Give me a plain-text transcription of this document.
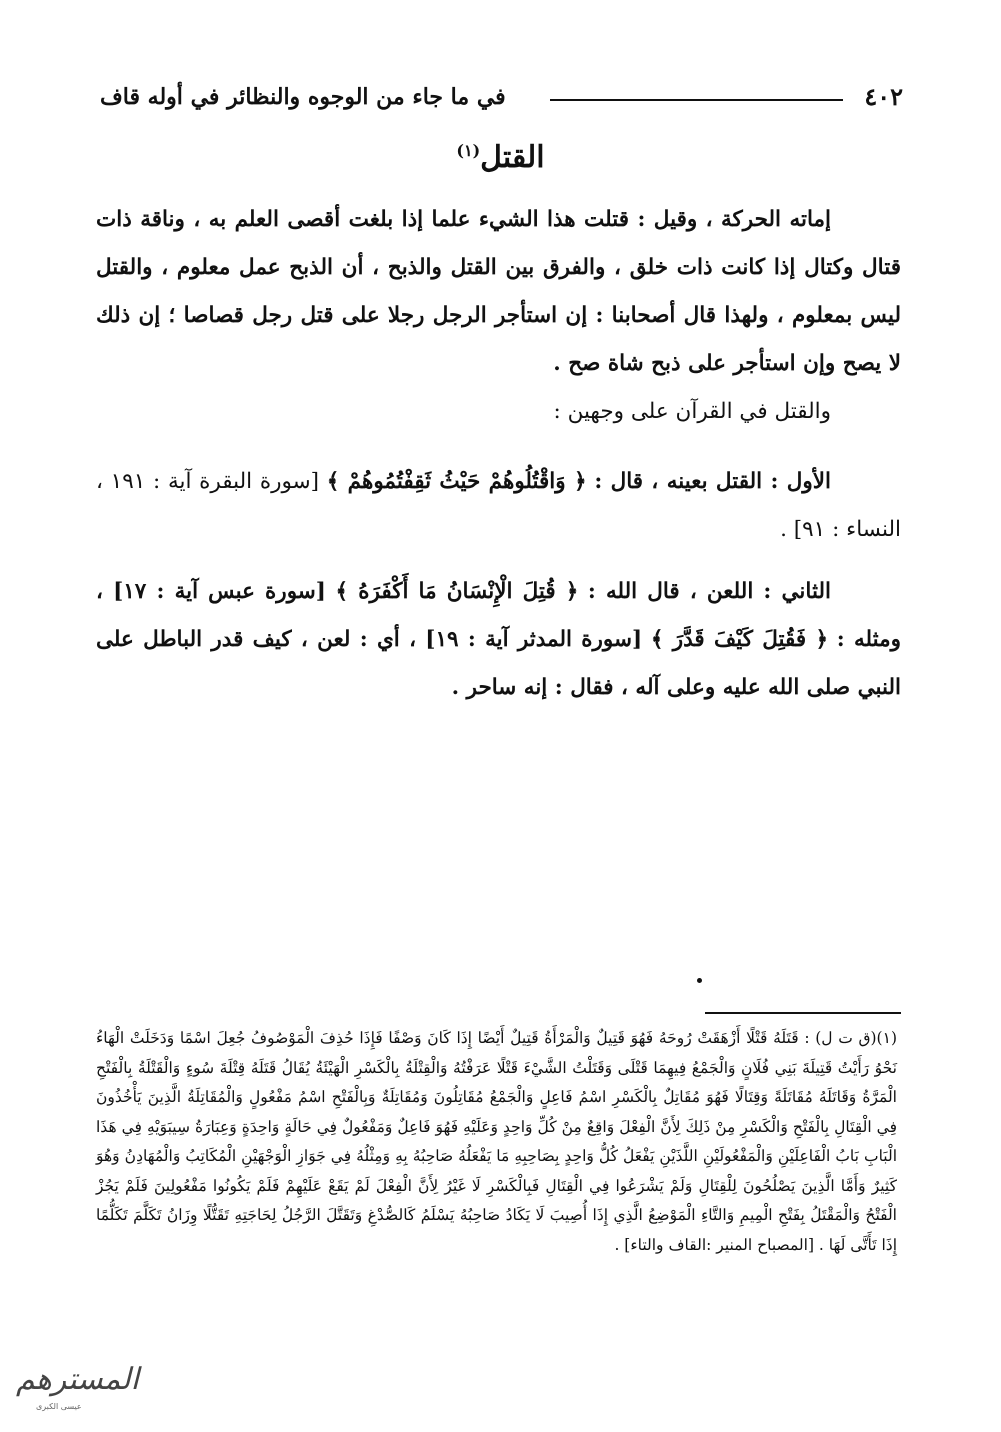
٤٠٢
في ما جاء من الوجوه والنظائر في أوله قاف
القتل$^{(١)}$

إماته الحركة ، وقيل : قتلت هذا الشيء علما إذا بلغت أقصى العلم به ، وناقة ذات قتال وكتال إذا كانت ذات خلق ، والفرق بين القتل والذبح ، أن الذبح عمل معلوم ، والقتل ليس بمعلوم ، ولهذا قال أصحابنا : إن استأجر الرجل رجلا على قتل رجل قصاصا ؛ إن ذلك لا يصح وإن استأجر على ذبح شاة صح .

والقتل في القرآن على وجهين :

الأول : القتل بعينه ، قال : ﴿ وَاقْتُلُوهُمْ حَيْثُ ثَقِفْتُمُوهُمْ ﴾ [سورة البقرة آية : ١٩١ ، النساء : ٩١] .

الثاني : اللعن ، قال الله : ﴿ قُتِلَ الْإِنْسَانُ مَا أَكْفَرَهُ ﴾ [سورة عبس آية : ١٧] ، ومثله : ﴿ فَقُتِلَ كَيْفَ قَدَّرَ ﴾ [سورة المدثر آية : ١٩] ، أي : لعن ، كيف قدر الباطل على النبي صلى الله عليه وعلى آله ، فقال : إنه ساحر .

(١)(ق ت ل) : قَتَلَهُ قَتْلًا أَزْهَقَتْ رُوحَهُ فَهُوَ قَتِيلٌ وَالْمَرْأَةُ قَتِيلٌ أَيْضًا إِذَا كَانَ وَصْفًا فَإِذَا حُذِفَ الْمَوْصُوفُ جُعِلَ اسْمًا وَدَخَلَتْ الْهَاءُ نَحْوُ رَأَيْتُ قَتِيلَةَ بَنِي فُلَانٍ وَالْجَمْعُ فِيهِمَا قَتْلَى وَقَتَلْتُ الشَّيْءَ قَتْلًا عَرَفْتُهُ وَالْقِتْلَةُ بِالْكَسْرِ الْهَيْئَةُ يُقَالُ قَتَلَهُ قِتْلَةَ سُوءٍ وَالْقَتْلَةُ بِالْفَتْحِ الْمَرَّةُ وَقَاتَلَهُ مُقَاتَلَةً وَقِتَالًا فَهُوَ مُقَاتِلٌ بِالْكَسْرِ اسْمُ فَاعِلٍ وَالْجَمْعُ مُقَاتِلُونَ وَمُقَاتِلَةٌ وَبِالْفَتْحِ اسْمُ مَفْعُولٍ وَالْمُقَاتِلَةُ الَّذِينَ يَأْخُذُونَ فِي الْقِتَالِ بِالْفَتْحِ وَالْكَسْرِ مِنْ ذَلِكَ لِأَنَّ الْفِعْلَ وَاقِعٌ مِنْ كُلِّ وَاحِدٍ وَعَلَيْهِ فَهُوَ فَاعِلٌ وَمَفْعُولٌ فِي حَالَةٍ وَاحِدَةٍ وَعِبَارَةُ سِيبَوَيْهِ فِي هَذَا الْبَابِ بَابُ الْفَاعِلَيْنِ وَالْمَفْعُولَيْنِ اللَّذَيْنِ يَفْعَلُ كُلُّ وَاحِدٍ بِصَاحِبِهِ مَا يَفْعَلُهُ صَاحِبُهُ بِهِ وَمِثْلُهُ فِي جَوَازِ الْوَجْهَيْنِ الْمُكَاتِبُ وَالْمُهَادِنُ وَهُوَ كَثِيرٌ وَأَمَّا الَّذِينَ يَصْلُحُونَ لِلْقِتَالِ وَلَمْ يَشْرَعُوا فِي الْقِتَالِ فَبِالْكَسْرِ لَا غَيْرُ لِأَنَّ الْفِعْلَ لَمْ يَقَعْ عَلَيْهِمْ فَلَمْ يَكُونُوا مَفْعُولِينَ فَلَمْ يَجُزْ الْفَتْحُ وَالْمَقْتَلُ بِفَتْحِ الْمِيمِ وَالتَّاءِ الْمَوْضِعُ الَّذِي إِذَا أُصِيبَ لَا يَكَادُ صَاحِبُهُ يَسْلَمُ كَالصُّدْغِ وَتَقَتَّلَ الرَّجُلُ لِحَاجَتِهِ تَقَتُّلًا وِزَانُ تَكَلَّمَ تَكَلُّمًا إِذَا تَأَتَّى لَهَا . [المصباح المنير :القاف والتاء] .
المسترهم
عيسى الكبرى
